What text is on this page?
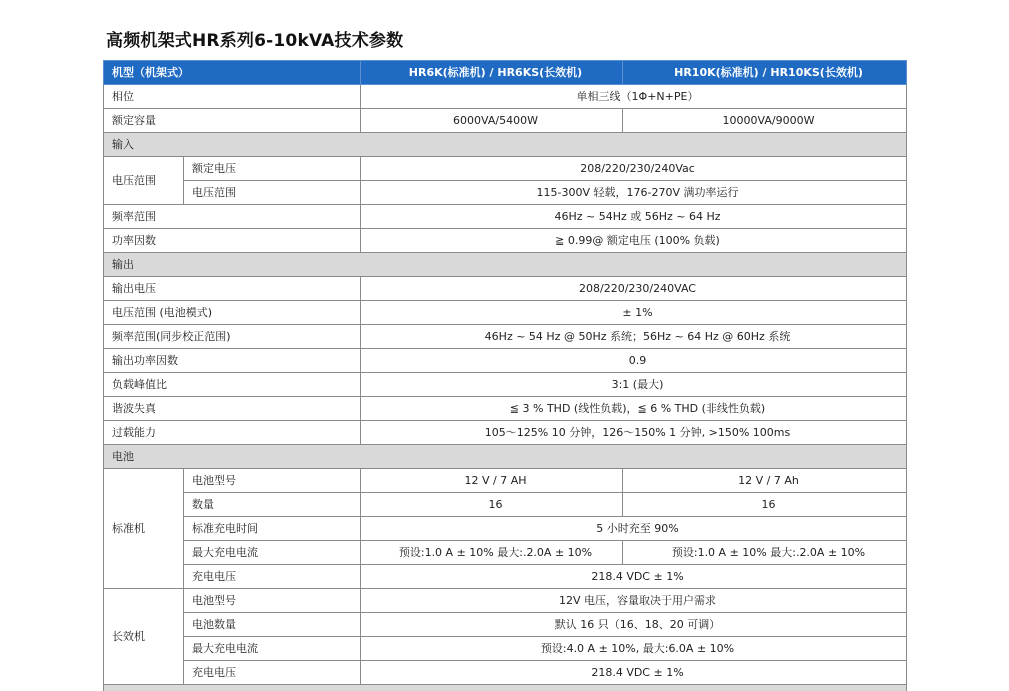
高频机架式HR系列6-10kVA技术参数
机型（机架式）		HR6K(标准机) / HR6KS(长效机)	HR10K(标准机) / HR10KS(长效机)
相位		单相三线（1Φ+N+PE）	
额定容量		6000VA/5400W	10000VA/9000W
输入			
电压范围	额定电压	208/220/230/240Vac	
	电压范围	115-300V 轻载，176-270V 满功率运行	
频率范围		46Hz ~ 54Hz 或 56Hz ~ 64 Hz	
功率因数		≧ 0.99@ 额定电压 (100% 负载)	
输出			
输出电压		208/220/230/240VAC	
电压范围 (电池模式)		± 1%	
频率范围(同步校正范围)		46Hz ~ 54 Hz @ 50Hz 系统；56Hz ~ 64 Hz @ 60Hz 系统	
输出功率因数		0.9	
负载峰值比		3:1 (最大)	
谐波失真		≦ 3 % THD (线性负载)，≦ 6 % THD (非线性负载)	
过载能力		105～125% 10 分钟，126～150% 1 分钟, >150% 100ms	
电池			
标准机	电池型号	12 V / 7 AH	12 V / 7 Ah
	数量	16	16
	标准充电时间	5 小时充至 90%	
	最大充电电流	预设:1.0 A ± 10% 最大:.2.0A ± 10%	预设:1.0 A ± 10% 最大:.2.0A ± 10%
	充电电压	218.4 VDC ± 1%	
长效机	电池型号	12V 电压，容量取决于用户需求	
	电池数量	默认 16 只（16、18、20 可调）	
	最大充电电流	预设:4.0 A ± 10%, 最大:6.0A ± 10%	
	充电电压	218.4 VDC ± 1%	
